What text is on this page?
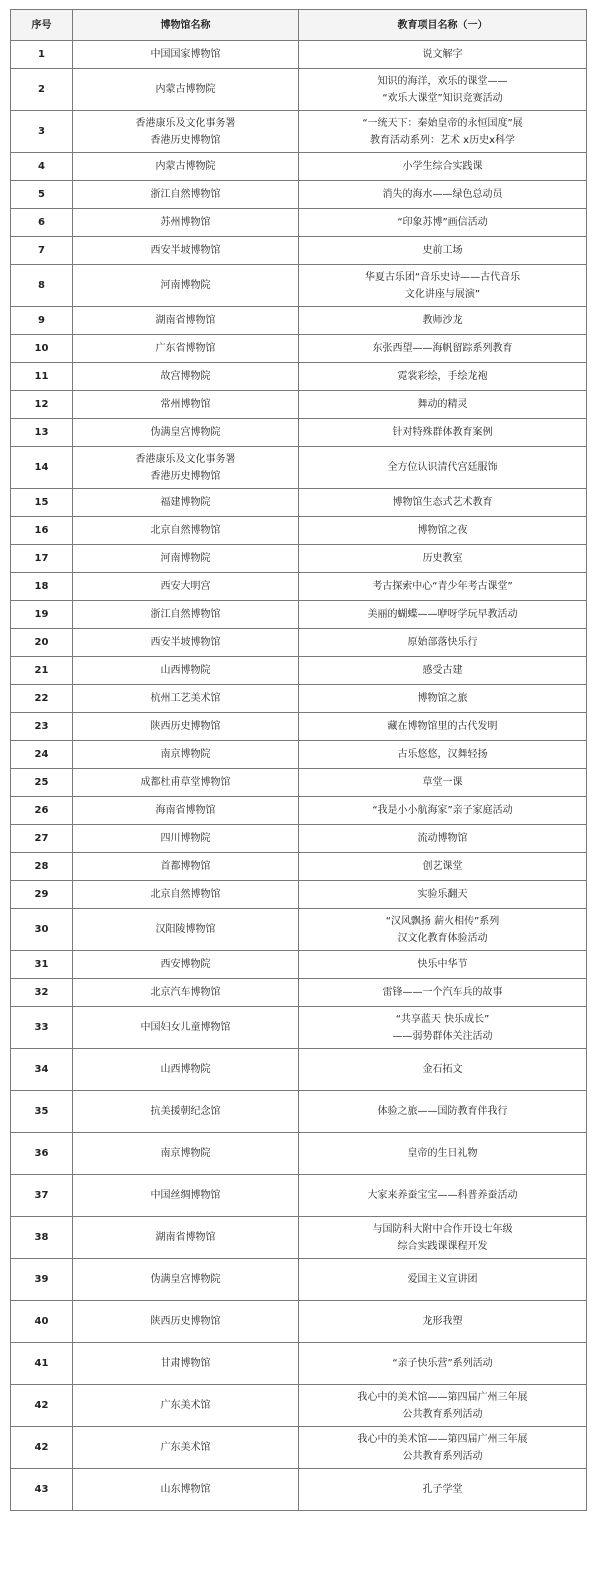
序号	博物馆名称	教育项目名称（一）
1	中国国家博物馆	说文解字

2	内蒙古博物院	知识的海洋，欢乐的课堂——
“欢乐大课堂”知识竞赛活动

3	香港康乐及文化事务署
香港历史博物馆	“一统天下：秦始皇帝的永恒国度”展
教育活动系列：艺术 x历史x科学

4	内蒙古博物院	小学生综合实践课

5	浙江自然博物馆	消失的海水——绿色总动员

6	苏州博物馆	“印象苏博”画信活动

7	西安半坡博物馆	史前工场

8	河南博物院	华夏古乐团“音乐史诗——古代音乐
文化讲座与展演”

9	湖南省博物馆	教师沙龙

10	广东省博物馆	东张西望——海帆留踪系列教育

11	故宫博物院	霓裳彩绘，手绘龙袍

12	常州博物馆	舞动的精灵

13	伪满皇宫博物院	针对特殊群体教育案例

14	香港康乐及文化事务署
香港历史博物馆	全方位认识清代宫廷服饰

15	福建博物院	博物馆生态式艺术教育

16	北京自然博物馆	博物馆之夜

17	河南博物院	历史教室

18	西安大明宫	考古探索中心“青少年考古课堂”

19	浙江自然博物馆	美丽的蝴蝶——咿呀学玩早教活动

20	西安半坡博物馆	原始部落快乐行

21	山西博物院	感受古建

22	杭州工艺美术馆	博物馆之旅

23	陕西历史博物馆	藏在博物馆里的古代发明

24	南京博物院	古乐悠悠，汉舞轻扬

25	成都杜甫草堂博物馆	草堂一课

26	海南省博物馆	“我是小小航海家”亲子家庭活动

27	四川博物院	流动博物馆

28	首都博物馆	创艺课堂

29	北京自然博物馆	实验乐翻天

30	汉阳陵博物馆	“汉风飘扬 薪火相传”系列
汉文化教育体验活动

31	西安博物院	快乐中华节

32	北京汽车博物馆	雷锋——一个汽车兵的故事

33	中国妇女儿童博物馆	“共享蓝天 快乐成长”
——弱势群体关注活动

34	山西博物院	金石拓文

35	抗美援朝纪念馆	体验之旅——国防教育伴我行

36	南京博物院	皇帝的生日礼物

37	中国丝绸博物馆	大家来养蚕宝宝——科普养蚕活动

38	湖南省博物馆	与国防科大附中合作开设七年级
综合实践课课程开发

39	伪满皇宫博物院	爱国主义宣讲团

40	陕西历史博物馆	龙形我塑

41	甘肃博物馆	“亲子快乐营”系列活动

42	广东美术馆	我心中的美术馆——第四届广州三年展
公共教育系列活动

42	广东美术馆	我心中的美术馆——第四届广州三年展
公共教育系列活动

43	山东博物馆	孔子学堂
